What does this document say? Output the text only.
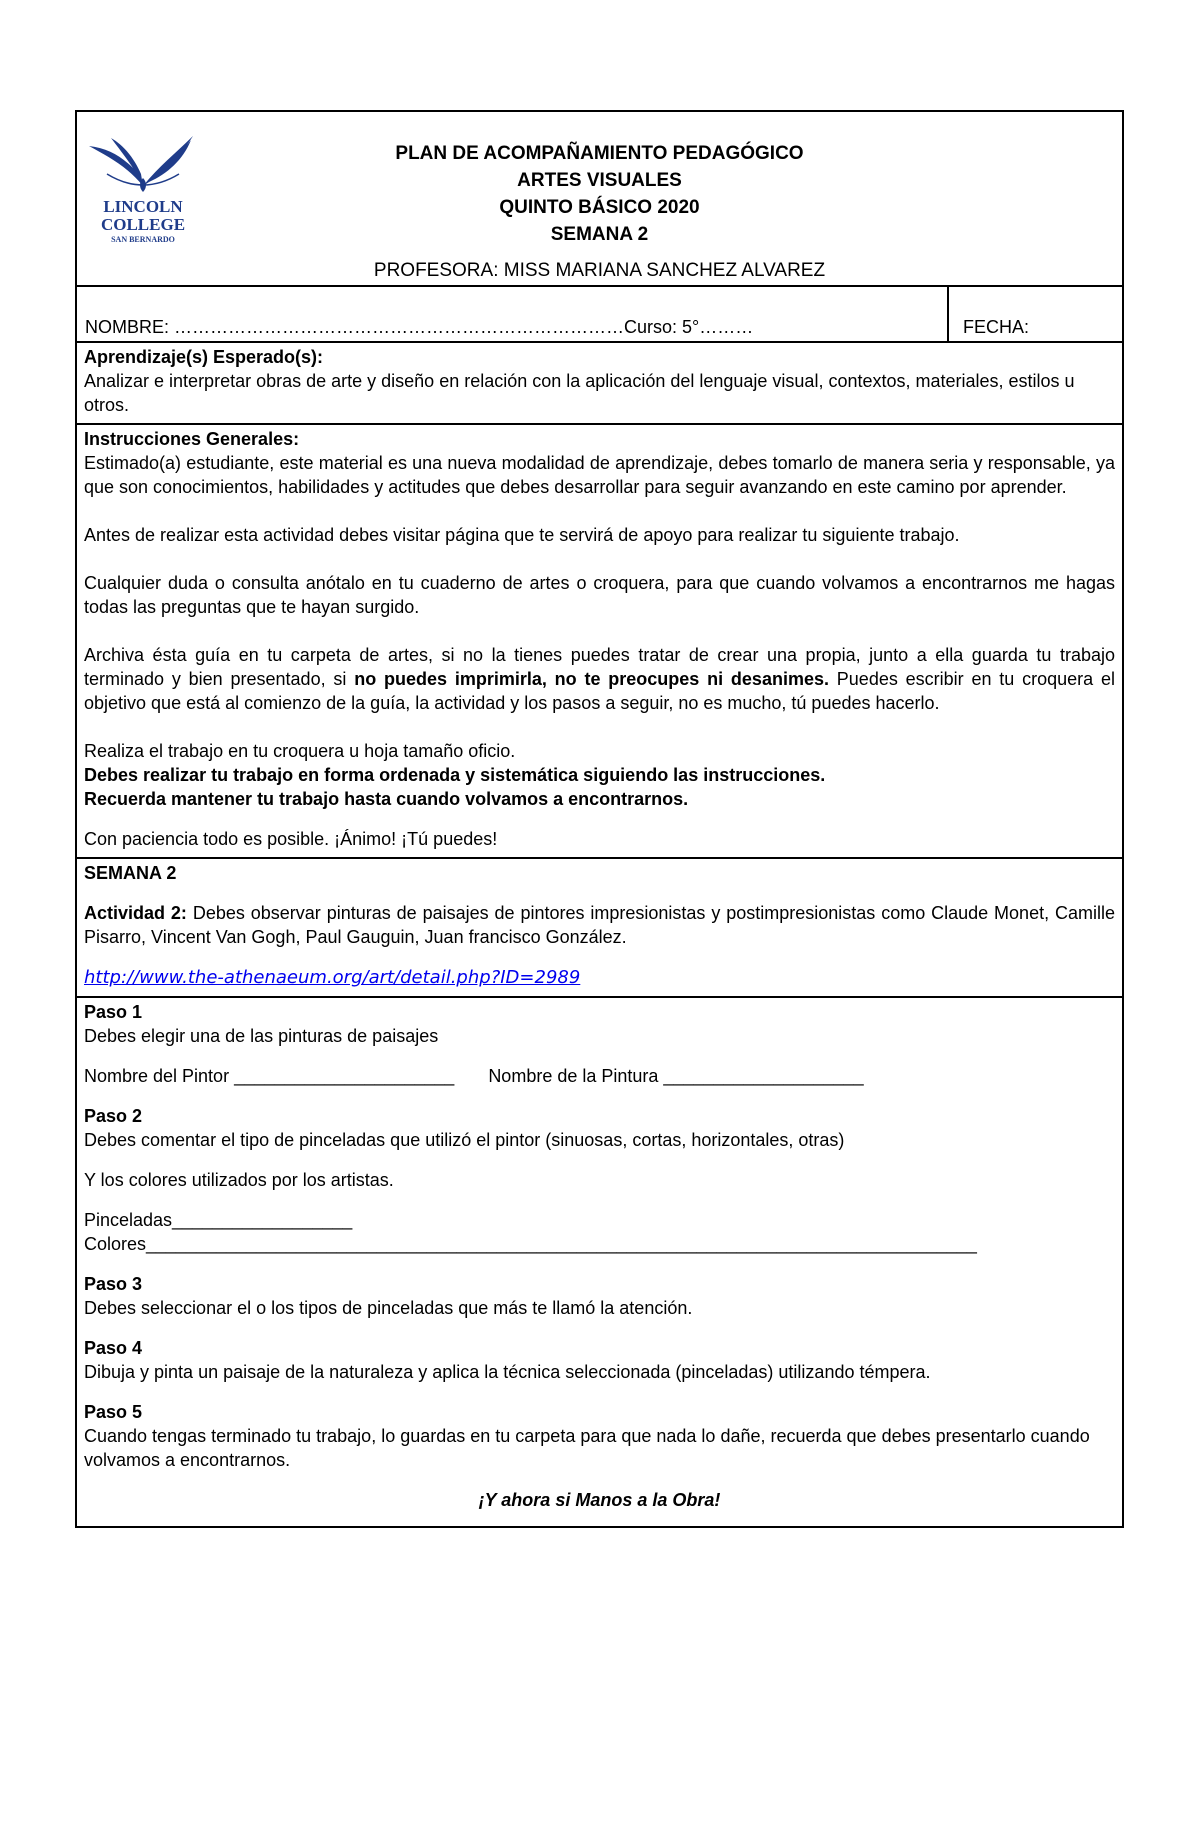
LINCOLN
COLLEGE
SAN BERNARDO
PLAN DE ACOMPAÑAMIENTO PEDAGÓGICO
ARTES VISUALES
QUINTO BÁSICO 2020
SEMANA 2
PROFESORA: MISS MARIANA SANCHEZ ALVAREZ
NOMBRE: …………………………………………………………………Curso: 5°………	FECHA:

Aprendizaje(s) Esperado(s):

Analizar e interpretar obras de arte y diseño en relación con la aplicación del lenguaje visual, contextos, materiales, estilos u otros.

Instrucciones Generales:

Estimado(a) estudiante, este material es una nueva modalidad de aprendizaje, debes tomarlo de manera seria y responsable, ya que son conocimientos, habilidades y actitudes que debes desarrollar para seguir avanzando en este camino por aprender.

Antes de realizar esta actividad debes visitar página que te servirá de apoyo para realizar tu siguiente trabajo.

Cualquier duda o consulta anótalo en tu cuaderno de artes o croquera, para que cuando volvamos a encontrarnos me hagas todas las preguntas que te hayan surgido.

Archiva ésta guía en tu carpeta de artes, si no la tienes puedes tratar de crear una propia, junto a ella guarda tu trabajo terminado y bien presentado, si no puedes imprimirla, no te preocupes ni desanimes. Puedes escribir en tu croquera el objetivo que está al comienzo de la guía, la actividad y los pasos a seguir, no es mucho, tú puedes hacerlo.

Realiza el trabajo en tu croquera u hoja tamaño oficio.

Debes realizar tu trabajo en forma ordenada y sistemática siguiendo las instrucciones.

Recuerda mantener tu trabajo hasta cuando volvamos a encontrarnos.

Con paciencia todo es posible. ¡Ánimo! ¡Tú puedes!

SEMANA 2

Actividad 2: Debes observar pinturas de paisajes de pintores impresionistas y postimpresionistas como Claude Monet, Camille Pisarro, Vincent Van Gogh, Paul Gauguin, Juan francisco González.

http://www.the-athenaeum.org/art/detail.php?ID=2989

Paso 1

Debes elegir una de las pinturas de paisajes

Nombre del Pintor ______________________ Nombre de la Pintura ____________________

Paso 2

Debes comentar el tipo de pinceladas que utilizó el pintor (sinuosas, cortas, horizontales, otras)

Y los colores utilizados por los artistas.

Pinceladas__________________

Colores___________________________________________________________________________________

Paso 3

Debes seleccionar el o los tipos de pinceladas que más te llamó la atención.

Paso 4

Dibuja y pinta un paisaje de la naturaleza y aplica la técnica seleccionada (pinceladas) utilizando témpera.

Paso 5

Cuando tengas terminado tu trabajo, lo guardas en tu carpeta para que nada lo dañe, recuerda que debes presentarlo cuando volvamos a encontrarnos.

¡Y ahora si Manos a la Obra!
